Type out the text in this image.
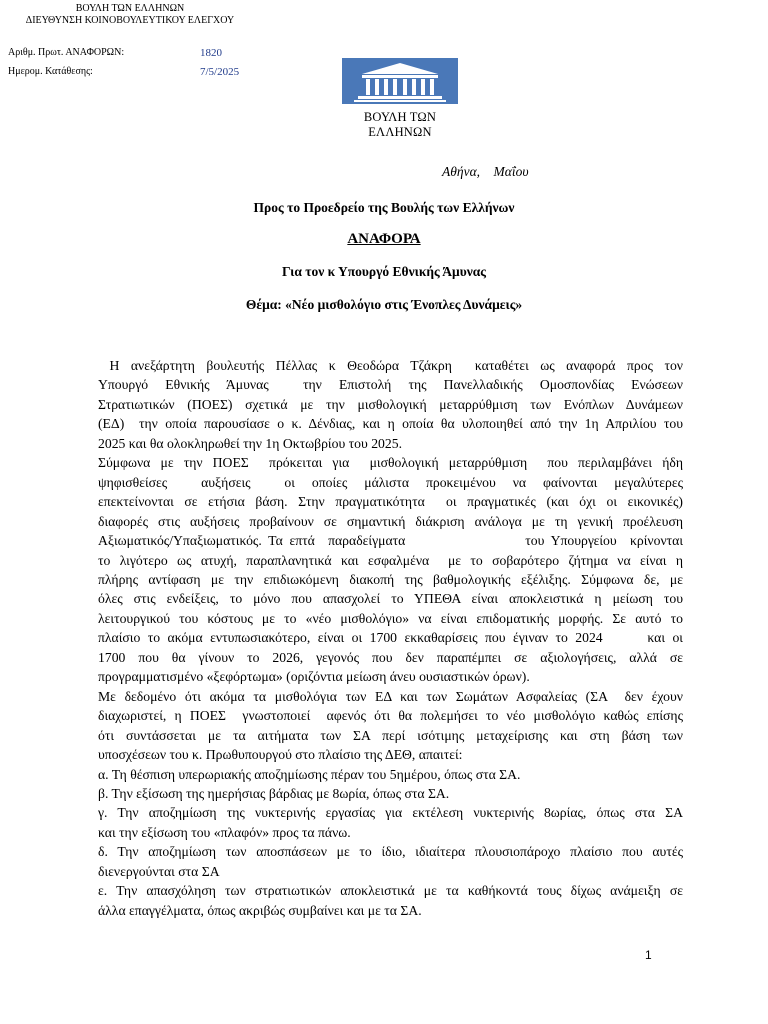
ΒΟΥΛΗ ΤΩΝ ΕΛΛΗΝΩΝ
ΔΙΕΥΘΥΝΣΗ ΚΟΙΝΟΒΟΥΛΕΥΤΙΚΟΥ ΕΛΕΓΧΟΥ
Αριθμ. Πρωτ. ΑΝΑΦΟΡΩΝ:	1820
Ημερομ. Κατάθεσης:	7/5/2025
ΒΟΥΛΗ ΤΩΝ ΕΛΛΗΝΩΝ
Αθήνα,    Μαΐου
Προς το Προεδρείο της Βουλής των Ελλήνων
ΑΝΑΦΟΡΑ
Για τον κ Υπουργό Εθνικής Άμυνας
Θέμα: «Νέο μισθολόγιο στις Ένοπλες Δυνάμεις»

Η ανεξάρτητη βουλευτής Πέλλας κ Θεοδώρα Τζάκρη  καταθέτει ως αναφορά προς τον

Υπουργό Εθνικής Άμυνας  την Επιστολή της Πανελλαδικής Ομοσπονδίας Ενώσεων

Στρατιωτικών (ΠΟΕΣ) σχετικά με την μισθολογική μεταρρύθμιση των Ενόπλων Δυνάμεων

(ΕΔ)  την οποία παρουσίασε ο κ. Δένδιας, και η οποία θα υλοποιηθεί από την 1η Απριλίου του

2025 και θα ολοκληρωθεί την 1η Οκτωβρίου του 2025.

Σύμφωνα με την ΠΟΕΣ  πρόκειται για  μισθολογική μεταρρύθμιση  που περιλαμβάνει ήδη

ψηφισθείσες  αυξήσεις  οι οποίες μάλιστα προκειμένου να φαίνονται μεγαλύτερες

επεκτείνονται σε ετήσια βάση. Στην πραγματικότητα  οι πραγματικές (και όχι οι εικονικές)

διαφορές στις αυξήσεις προβαίνουν σε σημαντική διάκριση ανάλογα με τη γενική προέλευση

Αξιωματικός/Υπαξιωματικός. Τα επτά  παραδείγματα                  του Υπουργείου  κρίνονται

το λιγότερο ως ατυχή, παραπλανητικά και εσφαλμένα  με το σοβαρότερο ζήτημα να είναι η

πλήρης αντίφαση με την επιδιωκόμενη διακοπή της βαθμολογικής εξέλιξης. Σύμφωνα δε, με

όλες στις ενδείξεις, το μόνο που απασχολεί το ΥΠΕΘΑ είναι αποκλειστικά η μείωση του

λειτουργικού του κόστους με το «νέο μισθολόγιο» να είναι επιδοματικής μορφής. Σε αυτό το

πλαίσιο το ακόμα εντυπωσιακότερο, είναι οι 1700 εκκαθαρίσεις που έγιναν το 2024      και οι

1700 που θα γίνουν το 2026, γεγονός που δεν παραπέμπει σε αξιολογήσεις, αλλά σε

προγραμματισμένο «ξεφόρτωμα» (οριζόντια μείωση άνευ ουσιαστικών όρων).

Με δεδομένο ότι ακόμα τα μισθολόγια των ΕΔ και των Σωμάτων Ασφαλείας (ΣΑ  δεν έχουν

διαχωριστεί, η ΠΟΕΣ  γνωστοποιεί  αφενός ότι θα πολεμήσει το νέο μισθολόγιο καθώς επίσης

ότι συντάσσεται με τα αιτήματα των ΣΑ περί ισότιμης μεταχείρισης και στη βάση των

υποσχέσεων του κ. Πρωθυπουργού στο πλαίσιο της ΔΕΘ, απαιτεί:

α. Τη θέσπιση υπερωριακής αποζημίωσης πέραν του 5ημέρου, όπως στα ΣΑ.

β. Την εξίσωση της ημερήσιας βάρδιας με 8ωρία, όπως στα ΣΑ.

γ. Την αποζημίωση της νυκτερινής εργασίας για εκτέλεση νυκτερινής 8ωρίας, όπως στα ΣΑ

και την εξίσωση του «πλαφόν» προς τα πάνω.

δ. Την αποζημίωση των αποσπάσεων με το ίδιο, ιδιαίτερα πλουσιοπάροχο πλαίσιο που αυτές

διενεργούνται στα ΣΑ

ε. Την απασχόληση των στρατιωτικών αποκλειστικά με τα καθήκοντά τους δίχως ανάμειξη σε

άλλα επαγγέλματα, όπως ακριβώς συμβαίνει και με τα ΣΑ.

1
